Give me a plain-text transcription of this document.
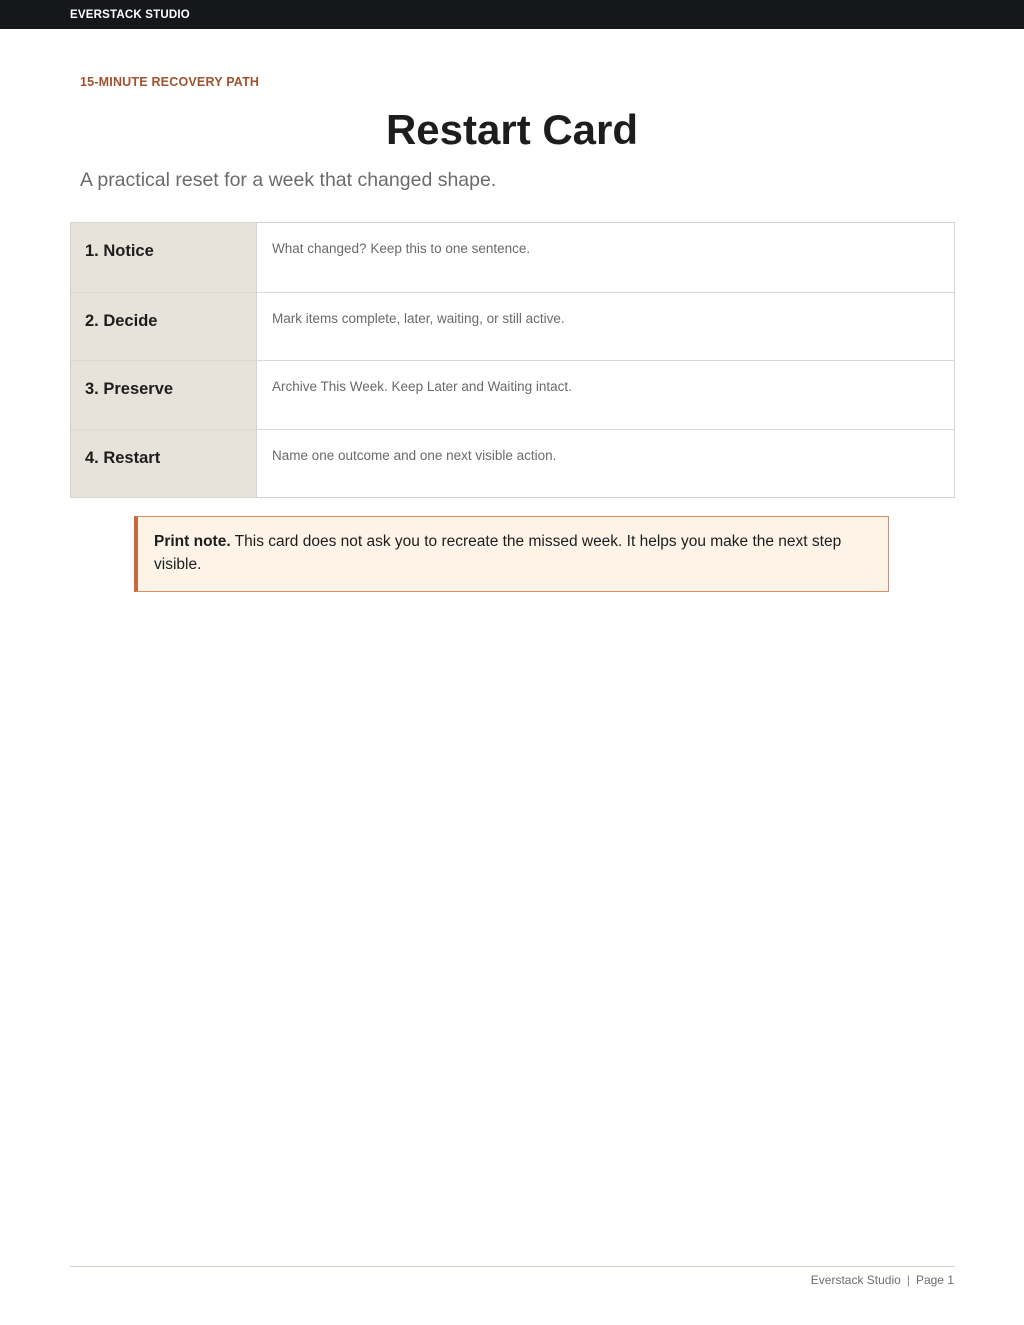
EVERSTACK STUDIO
15-MINUTE RECOVERY PATH
Restart Card
A practical reset for a week that changed shape.
1. Notice	What changed? Keep this to one sentence.
2. Decide	Mark items complete, later, waiting, or still active.
3. Preserve	Archive This Week. Keep Later and Waiting intact.
4. Restart	Name one outcome and one next visible action.
Print note. This card does not ask you to recreate the missed week. It helps you make the next step visible.
Everstack Studio | Page 1
